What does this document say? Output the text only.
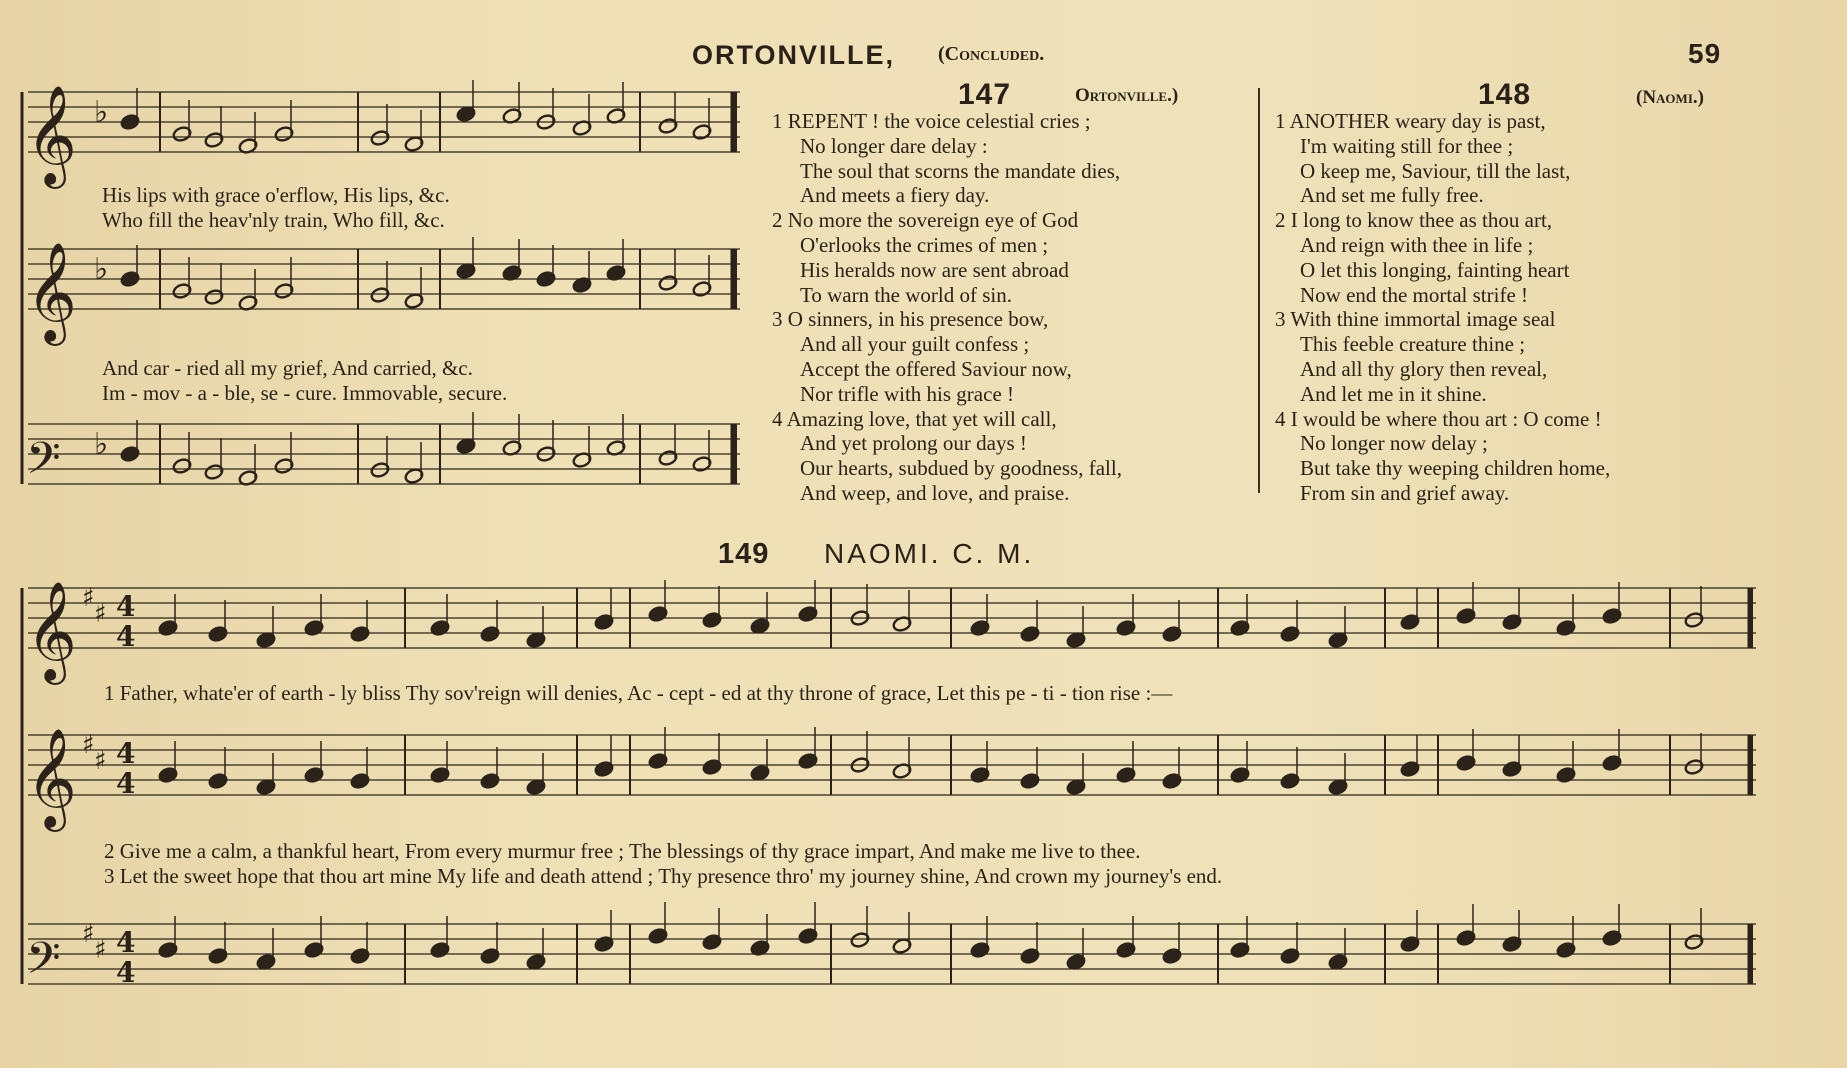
ORTONVILLE, (Concluded.	59
𝄞 ♭
𝄞 ♭
𝄢 ♭
𝄞 ♯
♯ 4
4
𝄞 ♯
♯ 4
4
𝄢 ♯
♯ 4
4
His lips with grace o'erflow, His lips, &c.
Who fill the heav'nly train, Who fill, &c.
And car - ried all my grief, And carried, &c.
Im - mov - a - ble, se - cure. Immovable, secure.
147	Ortonville.)
1 REPENT ! the voice celestial cries ;
No longer dare delay :
The soul that scorns the mandate dies,
And meets a fiery day.
2 No more the sovereign eye of God
O'erlooks the crimes of men ;
His heralds now are sent abroad
To warn the world of sin.
3 O sinners, in his presence bow,
And all your guilt confess ;
Accept the offered Saviour now,
Nor trifle with his grace !
4 Amazing love, that yet will call,
And yet prolong our days !
Our hearts, subdued by goodness, fall,
And weep, and love, and praise.
148	(Naomi.)
1 ANOTHER weary day is past,
I'm waiting still for thee ;
O keep me, Saviour, till the last,
And set me fully free.
2 I long to know thee as thou art,
And reign with thee in life ;
O let this longing, fainting heart
Now end the mortal strife !
3 With thine immortal image seal
This feeble creature thine ;
And all thy glory then reveal,
And let me in it shine.
4 I would be where thou art : O come !
No longer now delay ;
But take thy weeping children home,
From sin and grief away.
149 NAOMI. C. M.
1 Father, whate'er of earth - ly bliss Thy sov'reign will denies, Ac - cept - ed at thy throne of grace, Let this pe - ti - tion rise :—
2 Give me a calm, a thankful heart, From every murmur free ; The blessings of thy grace impart, And make me live to thee.
3 Let the sweet hope that thou art mine My life and death attend ; Thy presence thro' my journey shine, And crown my journey's end.
